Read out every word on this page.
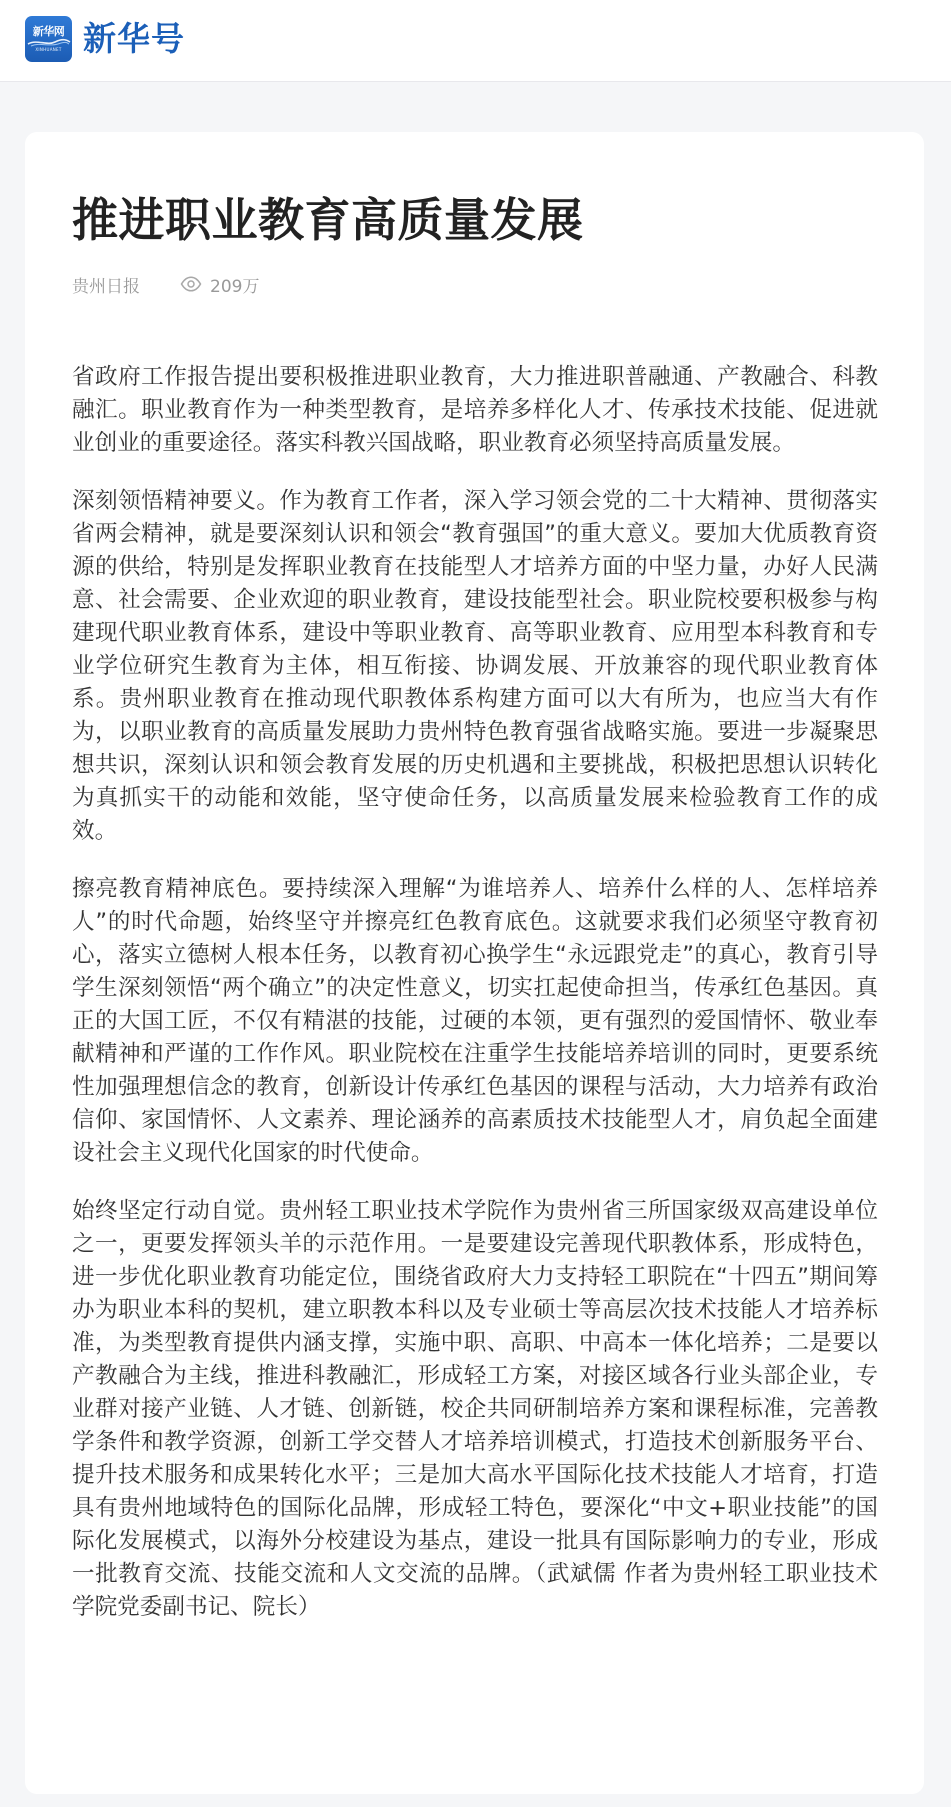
新华网
XINHUANET 新华号
推进职业教育高质量发展
贵州日报	209万

省政府工作报告提出要积极推进职业教育，大力推进职普融通、产教融合、科教融汇。职业教育作为一种类型教育，是培养多样化人才、传承技术技能、促进就业创业的重要途径。落实科教兴国战略，职业教育必须坚持高质量发展。

深刻领悟精神要义。作为教育工作者，深入学习领会党的二十大精神、贯彻落实省两会精神，就是要深刻认识和领会“教育强国”的重大意义。要加大优质教育资源的供给，特别是发挥职业教育在技能型人才培养方面的中坚力量，办好人民满意、社会需要、企业欢迎的职业教育，建设技能型社会。职业院校要积极参与构建现代职业教育体系，建设中等职业教育、高等职业教育、应用型本科教育和专业学位研究生教育为主体，相互衔接、协调发展、开放兼容的现代职业教育体系。贵州职业教育在推动现代职教体系构建方面可以大有所为，也应当大有作为，以职业教育的高质量发展助力贵州特色教育强省战略实施。要进一步凝聚思想共识，深刻认识和领会教育发展的历史机遇和主要挑战，积极把思想认识转化为真抓实干的动能和效能，坚守使命任务，以高质量发展来检验教育工作的成效。

擦亮教育精神底色。要持续深入理解“为谁培养人、培养什么样的人、怎样培养人”的时代命题，始终坚守并擦亮红色教育底色。这就要求我们必须坚守教育初心，落实立德树人根本任务，以教育初心换学生“永远跟党走”的真心，教育引导学生深刻领悟“两个确立”的决定性意义，切实扛起使命担当，传承红色基因。真正的大国工匠，不仅有精湛的技能，过硬的本领，更有强烈的爱国情怀、敬业奉献精神和严谨的工作作风。职业院校在注重学生技能培养培训的同时，更要系统性加强理想信念的教育，创新设计传承红色基因的课程与活动，大力培养有政治信仰、家国情怀、人文素养、理论涵养的高素质技术技能型人才，肩负起全面建设社会主义现代化国家的时代使命。

始终坚定行动自觉。贵州轻工职业技术学院作为贵州省三所国家级双高建设单位之一，更要发挥领头羊的示范作用。一是要建设完善现代职教体系，形成特色，进一步优化职业教育功能定位，围绕省政府大力支持轻工职院在“十四五”期间筹办为职业本科的契机，建立职教本科以及专业硕士等高层次技术技能人才培养标准，为类型教育提供内涵支撑，实施中职、高职、中高本一体化培养；二是要以产教融合为主线，推进科教融汇，形成轻工方案，对接区域各行业头部企业，专业群对接产业链、人才链、创新链，校企共同研制培养方案和课程标准，完善教学条件和教学资源，创新工学交替人才培养培训模式，打造技术创新服务平台、提升技术服务和成果转化水平；三是加大高水平国际化技术技能人才培育，打造具有贵州地域特色的国际化品牌，形成轻工特色，要深化“中文+职业技能”的国际化发展模式，以海外分校建设为基点，建设一批具有国际影响力的专业，形成一批教育交流、技能交流和人文交流的品牌。（武斌儒 作者为贵州轻工职业技术学院党委副书记、院长）
